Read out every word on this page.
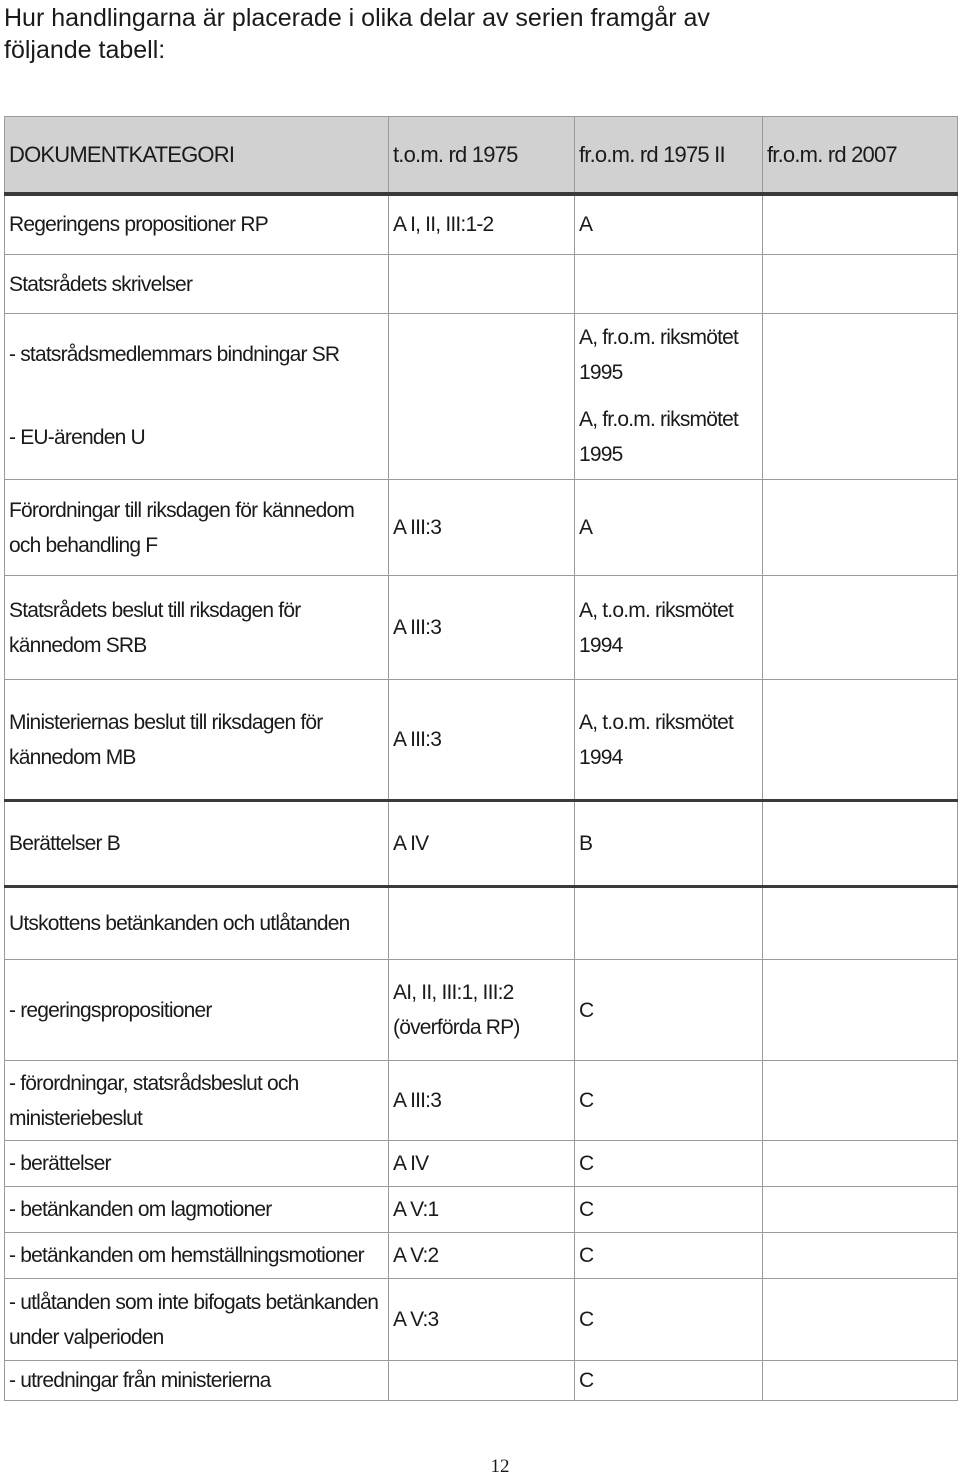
Hur handlingarna är placerade i olika delar av serien framgår av
följande tabell:
DOKUMENTKATEGORI	t.o.m. rd 1975	fr.o.m. rd 1975 II	fr.o.m. rd 2007
Regeringens propositioner RP	A I, II, III:1-2	A	
Statsrådets skrivelser			
- statsrådsmedlemmars bindningar SR		A, fr.o.m. riksmötet 1995	
- EU-ärenden U		A, fr.o.m. riksmötet 1995	
Förordningar till riksdagen för kännedom och behandling F	A III:3	A	
Statsrådets beslut till riksdagen för kännedom SRB	A III:3	A, t.o.m. riksmötet 1994	
Ministeriernas beslut till riksdagen för kännedom MB	A III:3	A, t.o.m. riksmötet 1994	
Berättelser B	A IV	B	
Utskottens betänkanden och utlåtanden			
- regeringspropositioner	AI, II, III:1, III:2 (överförda RP)	C	
- förordningar, statsrådsbeslut och ministeriebeslut	A III:3	C	
- berättelser	A IV	C	
- betänkanden om lagmotioner	A V:1	C	
- betänkanden om hemställningsmotioner	A V:2	C	
- utlåtanden som inte bifogats betänkanden under valperioden	A V:3	C	
- utredningar från ministerierna		C	
12
